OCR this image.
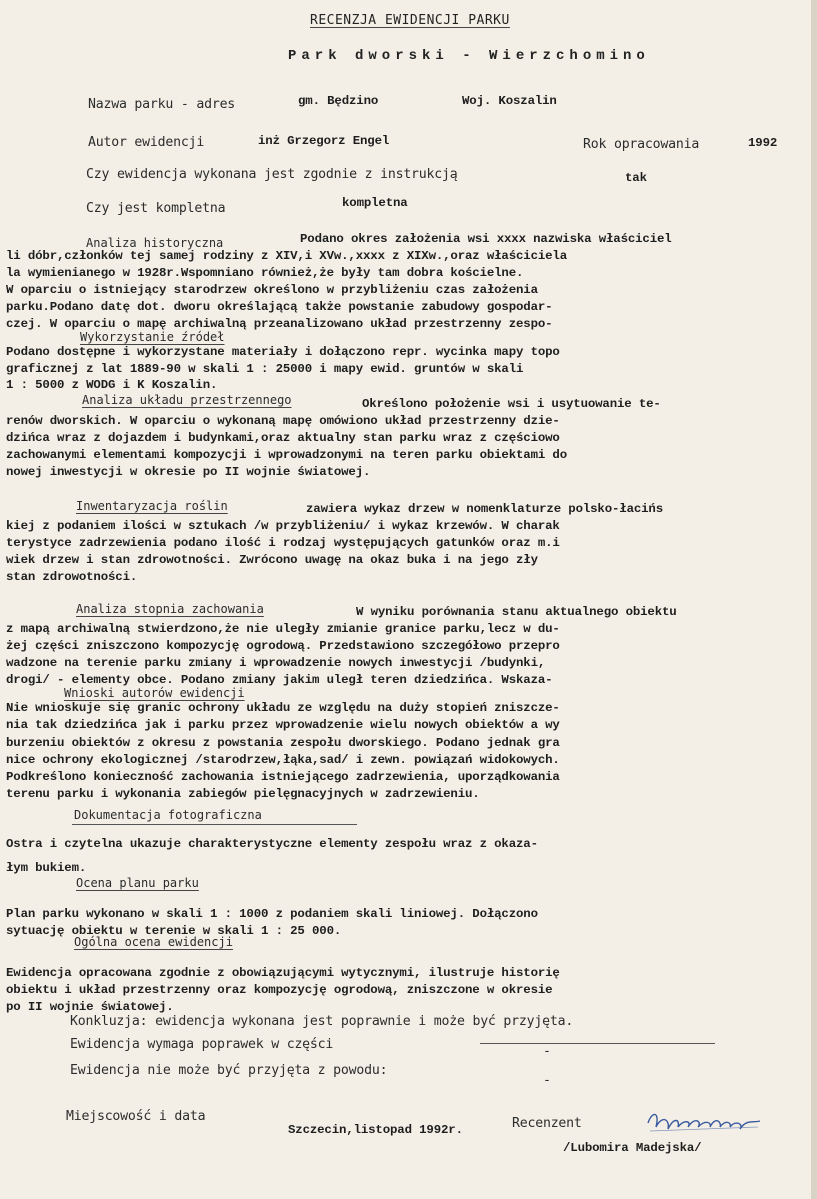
RECENZJA EWIDENCJI PARKU
Park dworski - Wierzchomino
Nazwa parku - adres	gm. Będzino	Woj. Koszalin
Autor ewidencji	inż Grzegorz Engel	Rok opracowania	1992
Czy ewidencja wykonana jest zgodnie z instrukcją	tak
Czy jest kompletna	kompletna
Analiza historyczna	Podano okres założenia wsi xxxx nazwiska właściciel
li dóbr,członków tej samej rodziny z XIV,i XVw.,xxxx z XIXw.,oraz właściciela
la wymienianego w 1928r.Wspomniano również,że były tam dobra kościelne.
W oparciu o istniejący starodrzew określono w przybliżeniu czas założenia
parku.Podano datę dot. dworu określającą także powstanie zabudowy gospodar-
czej. W oparciu o mapę archiwalną przeanalizowano układ przestrzenny zespo-
Wykorzystanie źródeł
Podano dostępne i wykorzystane materiały i dołączono repr. wycinka mapy topo
graficznej z lat 1889-90 w skali 1 : 25000 i mapy ewid. gruntów w skali
1 : 5000 z WODG i K Koszalin.
Analiza układu przestrzennego	Określono położenie wsi i usytuowanie te-
renów dworskich. W oparciu o wykonaną mapę omówiono układ przestrzenny dzie-
dzińca wraz z dojazdem i budynkami,oraz aktualny stan parku wraz z częściowo
zachowanymi elementami kompozycji i wprowadzonymi na teren parku obiektami do
nowej inwestycji w okresie po II wojnie światowej.
Inwentaryzacja roślin	zawiera wykaz drzew w nomenklaturze polsko-łacińs
kiej z podaniem ilości w sztukach /w przybliżeniu/ i wykaz krzewów. W charak
terystyce zadrzewienia podano ilość i rodzaj występujących gatunków oraz m.i
wiek drzew i stan zdrowotności. Zwrócono uwagę na okaz buka i na jego zły
stan zdrowotności.
Analiza stopnia zachowania	W wyniku porównania stanu aktualnego obiektu
z mapą archiwalną stwierdzono,że nie uległy zmianie granice parku,lecz w du-
żej części zniszczono kompozycję ogrodową. Przedstawiono szczegółowo przepro
wadzone na terenie parku zmiany i wprowadzenie nowych inwestycji /budynki,
drogi/ - elementy obce. Podano zmiany jakim uległ teren dziedzińca. Wskaza-
Wnioski autorów ewidencji
Nie wnioskuje się granic ochrony układu ze względu na duży stopień zniszcze-
nia tak dziedzińca jak i parku przez wprowadzenie wielu nowych obiektów a wy
burzeniu obiektów z okresu z powstania zespołu dworskiego. Podano jednak gra
nice ochrony ekologicznej /starodrzew,łąka,sad/ i zewn. powiązań widokowych.
Podkreślono konieczność zachowania istniejącego zadrzewienia, uporządkowania
terenu parku i wykonania zabiegów pielęgnacyjnych w zadrzewieniu.
Dokumentacja fotograficzna
Ostra i czytelna ukazuje charakterystyczne elementy zespołu wraz z okaza-
łym bukiem.
Ocena planu parku
Plan parku wykonano w skali 1 : 1000 z podaniem skali liniowej. Dołączono
sytuację obiektu w terenie w skali 1 : 25 000.
Ogólna ocena ewidencji
Ewidencja opracowana zgodnie z obowiązującymi wytycznymi, ilustruje historię
obiektu i układ przestrzenny oraz kompozycję ogrodową, zniszczone w okresie
po II wojnie światowej.
Konkluzja: ewidencja wykonana jest poprawnie i może być przyjęta.
Ewidencja wymaga poprawek w części	-
Ewidencja nie może być przyjęta z powodu:
-
Miejscowość i data
Szczecin,listopad 1992r.	Recenzent
/Lubomira Madejska/
